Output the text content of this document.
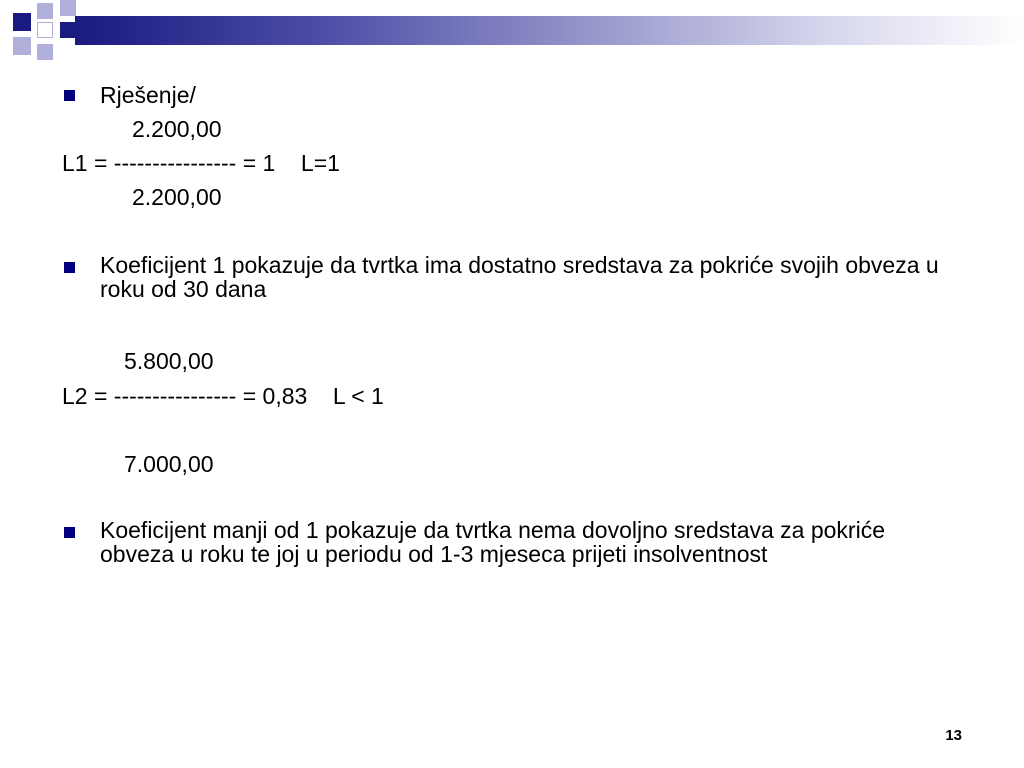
Rješenje/
2.200,00
L1 = ---------------- = 1    L=1
2.200,00
Koeficijent 1 pokazuje da tvrtka ima dostatno sredstava za pokriće svojih obveza u roku od 30 dana
5.800,00
L2 = ---------------- = 0,83    L < 1
7.000,00
Koeficijent manji od 1 pokazuje da tvrtka nema dovoljno sredstava za pokriće obveza u roku te joj u periodu od 1-3 mjeseca prijeti insolventnost
13
